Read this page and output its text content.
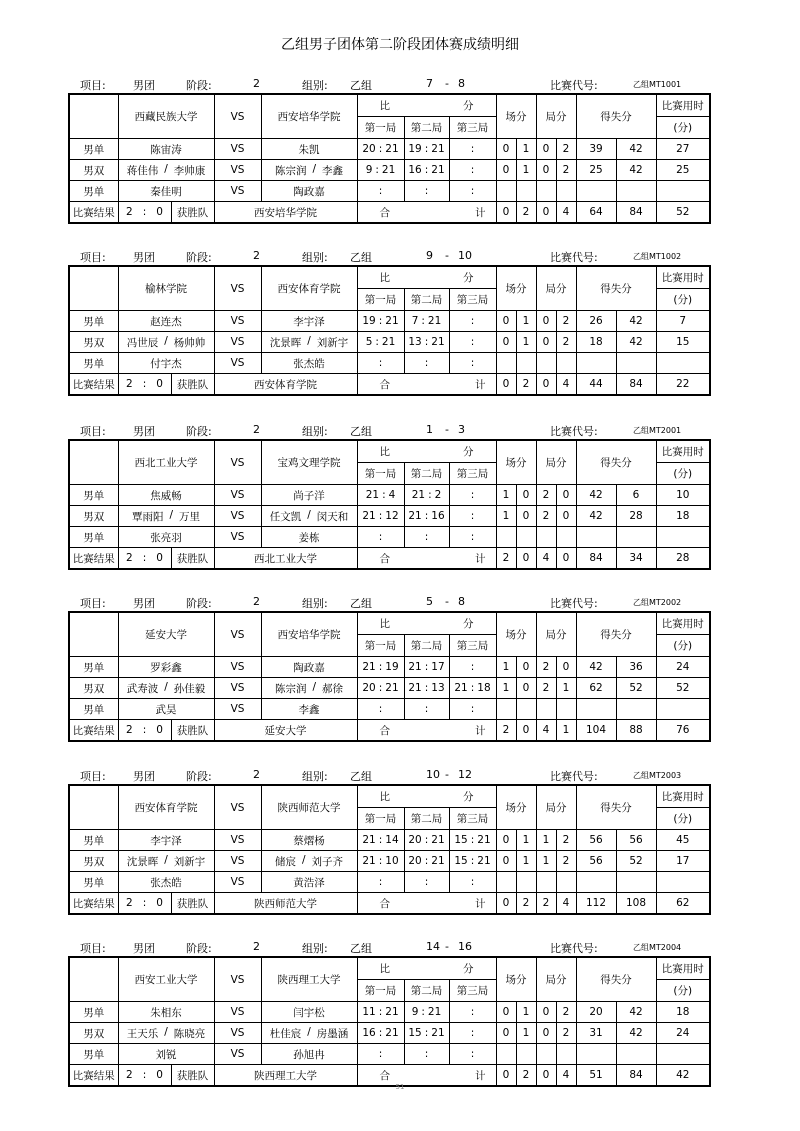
乙组男子团体第二阶段团体赛成绩明细
项目: 男团	阶段:	2	组别: 乙组	7 - 8	比赛代号:	乙组MT1001
	西藏民族大学		VS	西安培华学院	比 分			场分		局分		得失分		比赛用时
					第一局	第二局	第三局							(分)
男单	陈宙涛		VS	朱凯	20 : 21	19 : 21	:	0	1	0	2	39	42	27
男双	蒋佳伟 / 李帅康		VS	陈宗润 / 李鑫	9 : 21	16 : 21	:	0	1	0	2	25	42	25
男单	秦佳明		VS	陶政嘉	:	:	:							

比赛结果	2 : 0	获胜队	西安培华学院		合 计			0	2	0	4	64	84	52
项目: 男团	阶段:	2	组别: 乙组	9 - 10	比赛代号:	乙组MT1002
	榆林学院		VS	西安体育学院	比 分			场分		局分		得失分		比赛用时
					第一局	第二局	第三局							(分)
男单	赵连杰		VS	李宇泽	19 : 21	7 : 21	:	0	1	0	2	26	42	7
男双	冯世辰 / 杨帅帅		VS	沈景晖 / 刘新宇	5 : 21	13 : 21	:	0	1	0	2	18	42	15
男单	付宇杰		VS	张杰皓	:	:	:							

比赛结果	2 : 0	获胜队	西安体育学院		合 计			0	2	0	4	44	84	22
项目: 男团	阶段:	2	组别: 乙组	1 - 3	比赛代号:	乙组MT2001
	西北工业大学		VS	宝鸡文理学院	比 分			场分		局分		得失分		比赛用时
					第一局	第二局	第三局							(分)
男单	焦威畅		VS	尚子洋	21 : 4	21 : 2	:	1	0	2	0	42	6	10
男双	覃雨阳 / 万里		VS	任文凯 / 闵天和	21 : 12	21 : 16	:	1	0	2	0	42	28	18
男单	张亮羽		VS	姜栋	:	:	:							

比赛结果	2 : 0	获胜队	西北工业大学		合 计			2	0	4	0	84	34	28
项目: 男团	阶段:	2	组别: 乙组	5 - 8	比赛代号:	乙组MT2002
	延安大学		VS	西安培华学院	比 分			场分		局分		得失分		比赛用时
					第一局	第二局	第三局							(分)
男单	罗彩鑫		VS	陶政嘉	21 : 19	21 : 17	:	1	0	2	0	42	36	24
男双	武寿波 / 孙佳毅		VS	陈宗润 / 郝徐	20 : 21	21 : 13	21 : 18	1	0	2	1	62	52	52
男单	武昊		VS	李鑫	:	:	:							

比赛结果	2 : 0	获胜队	延安大学		合 计			2	0	4	1	104	88	76
项目: 男团	阶段:	2	组别: 乙组	10 - 12	比赛代号:	乙组MT2003
	西安体育学院		VS	陕西师范大学	比 分			场分		局分		得失分		比赛用时
					第一局	第二局	第三局							(分)
男单	李宇泽		VS	蔡熠杨	21 : 14	20 : 21	15 : 21	0	1	1	2	56	56	45
男双	沈景晖 / 刘新宇		VS	储宸 / 刘子齐	21 : 10	20 : 21	15 : 21	0	1	1	2	56	52	17
男单	张杰皓		VS	黄浩泽	:	:	:							

比赛结果	2 : 0	获胜队	陕西师范大学		合 计			0	2	2	4	112	108	62
项目: 男团	阶段:	2	组别: 乙组	14 - 16	比赛代号:	乙组MT2004
	西安工业大学		VS	陕西理工大学	比 分			场分		局分		得失分		比赛用时
					第一局	第二局	第三局							(分)
男单	朱相东		VS	闫宇松	11 : 21	9 : 21	:	0	1	0	2	20	42	18
男双	王天乐 / 陈晓亮		VS	杜佳宸 / 房墨涵	16 : 21	15 : 21	:	0	1	0	2	31	42	24
男单	刘锐		VS	孙旭冉	:	:	:							

比赛结果	2 : 0	获胜队	陕西理工大学		合 计			0	2	0	4	51	84	42
51
